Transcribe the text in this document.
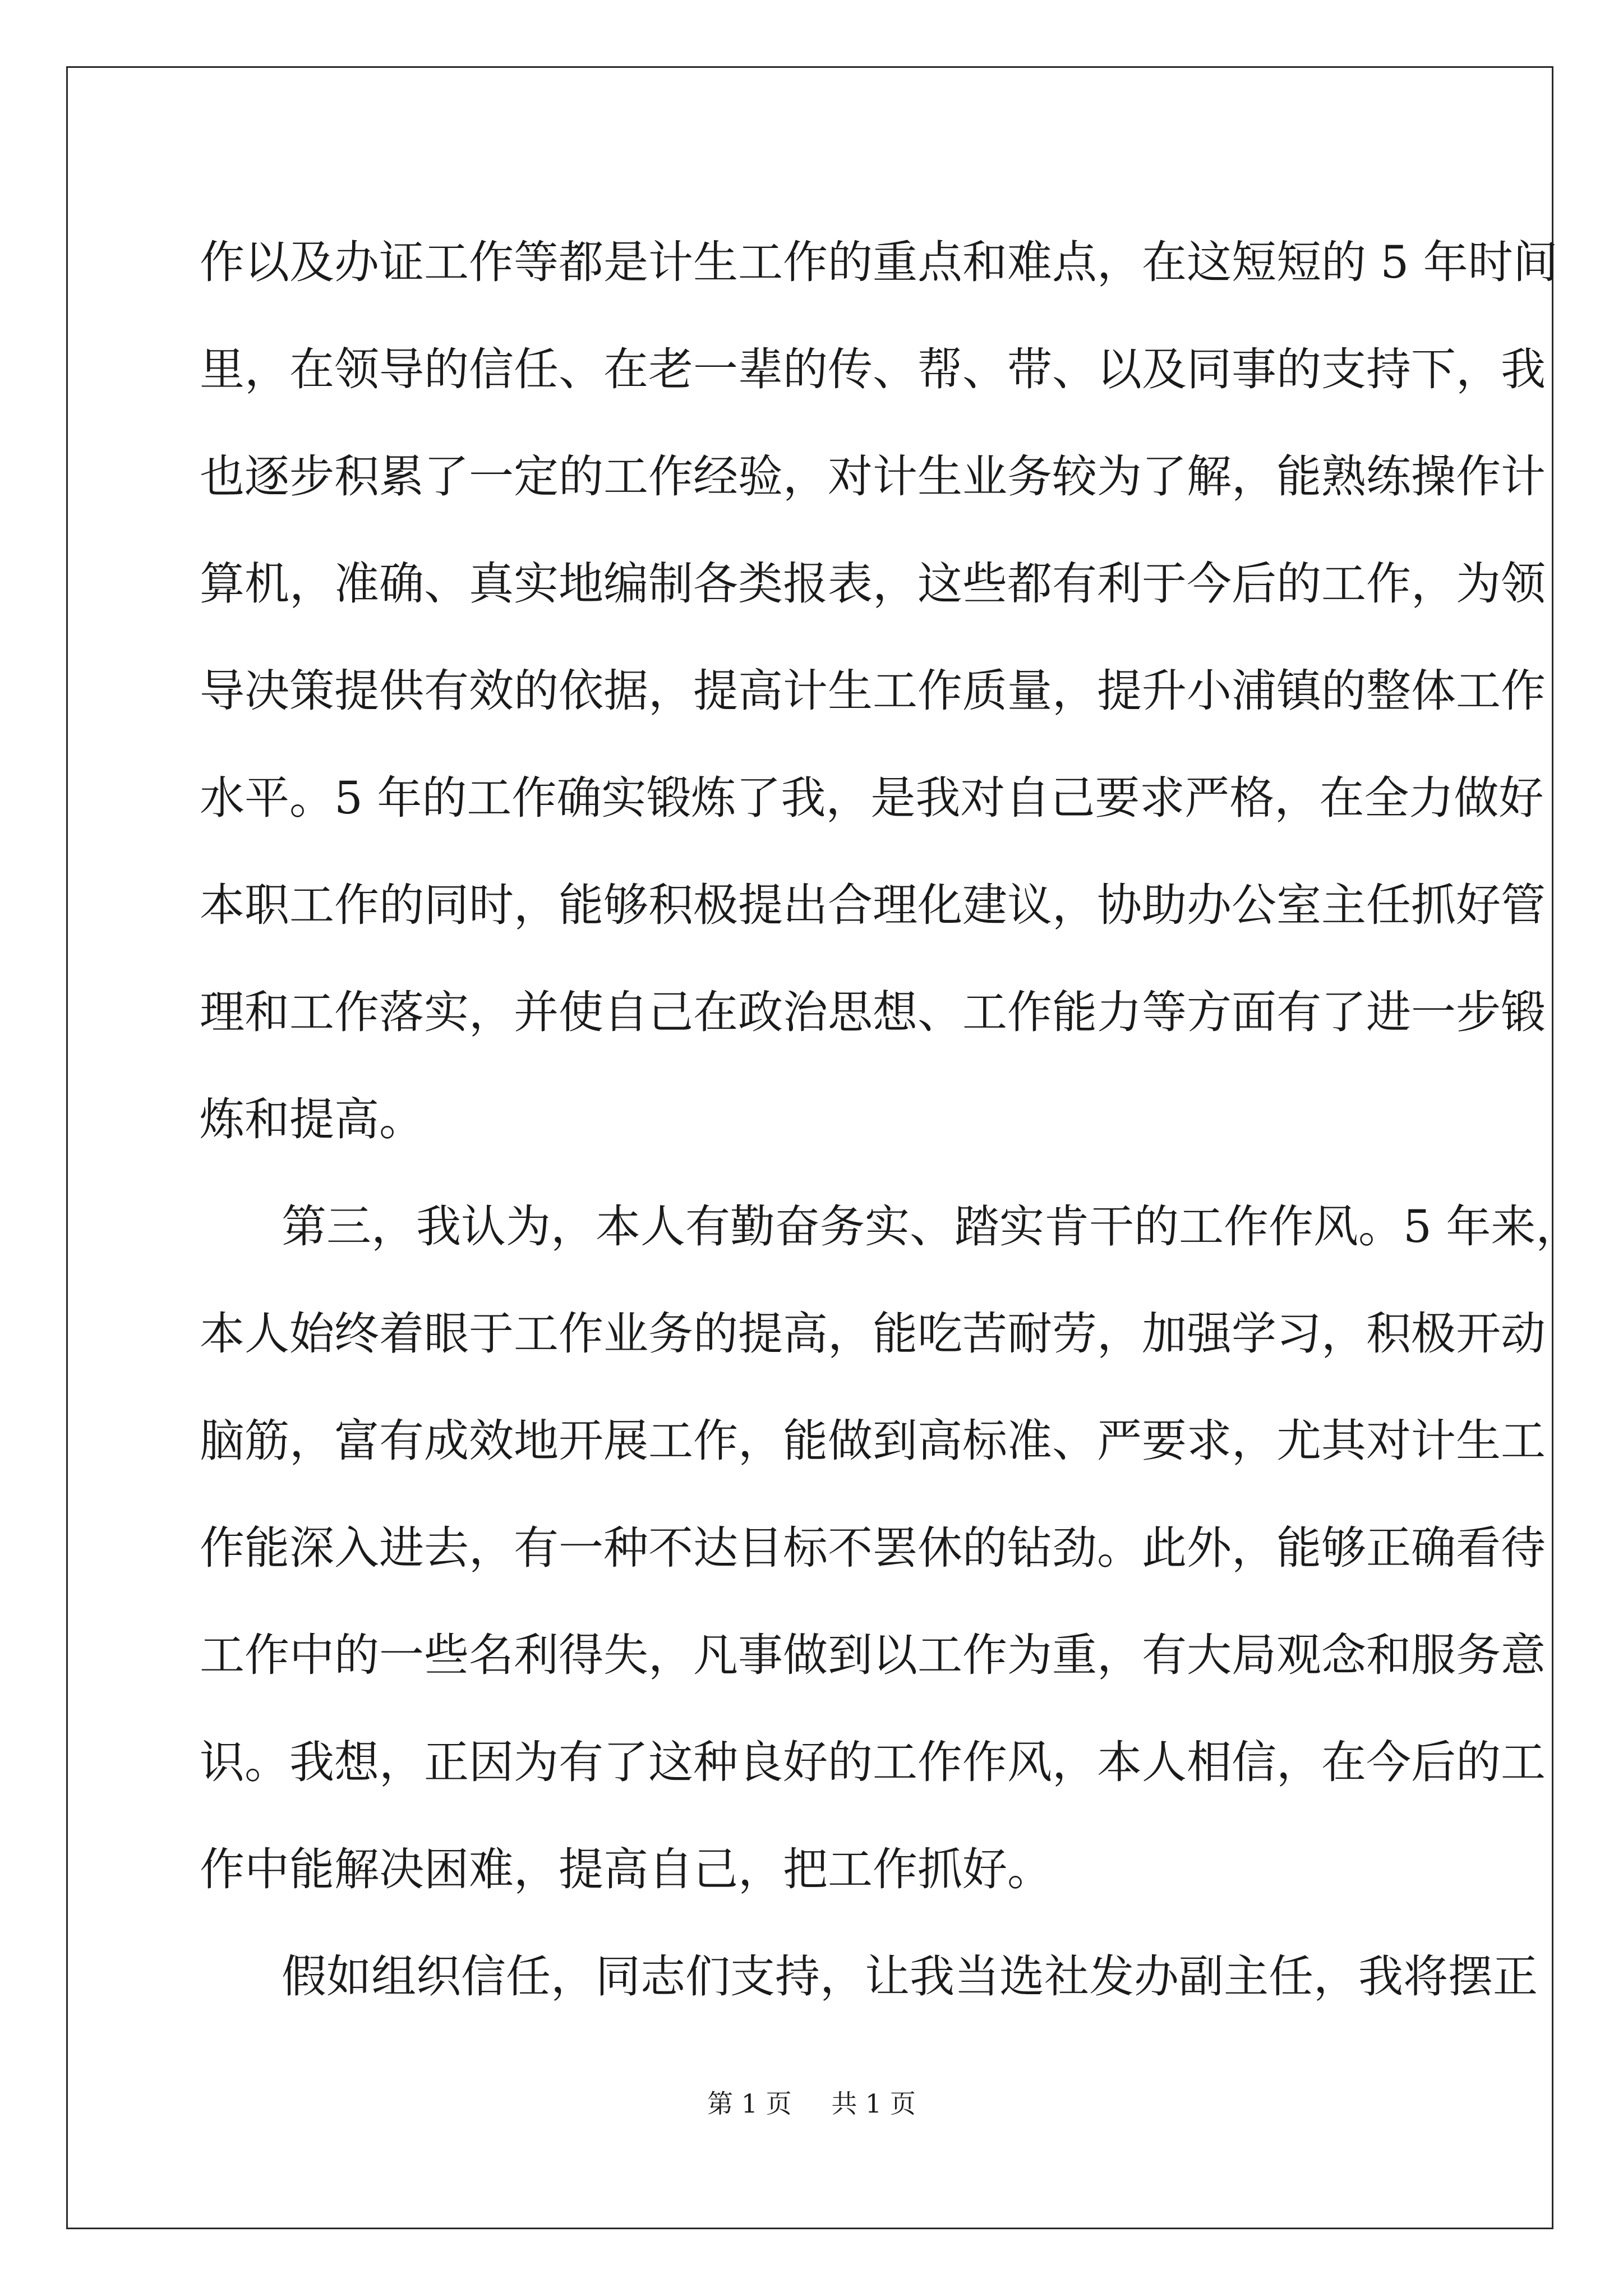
作以及办证工作等都是计生工作的重点和难点，在这短短的 5 年时间
里，在领导的信任、在老一辈的传、帮、带、以及同事的支持下，我
也逐步积累了一定的工作经验，对计生业务较为了解，能熟练操作计
算机，准确、真实地编制各类报表，这些都有利于今后的工作，为领
导决策提供有效的依据，提高计生工作质量，提升小浦镇的整体工作
水平。5 年的工作确实锻炼了我，是我对自己要求严格，在全力做好
本职工作的同时，能够积极提出合理化建议，协助办公室主任抓好管
理和工作落实，并使自己在政治思想、工作能力等方面有了进一步锻
炼和提高。
第三，我认为，本人有勤奋务实、踏实肯干的工作作风。5 年来，
本人始终着眼于工作业务的提高，能吃苦耐劳，加强学习，积极开动
脑筋，富有成效地开展工作，能做到高标准、严要求，尤其对计生工
作能深入进去，有一种不达目标不罢休的钻劲。此外，能够正确看待
工作中的一些名利得失，凡事做到以工作为重，有大局观念和服务意
识。我想，正因为有了这种良好的工作作风，本人相信，在今后的工
作中能解决困难，提高自己，把工作抓好。
假如组织信任，同志们支持，让我当选社发办副主任，我将摆正
第 1 页 共 1 页
